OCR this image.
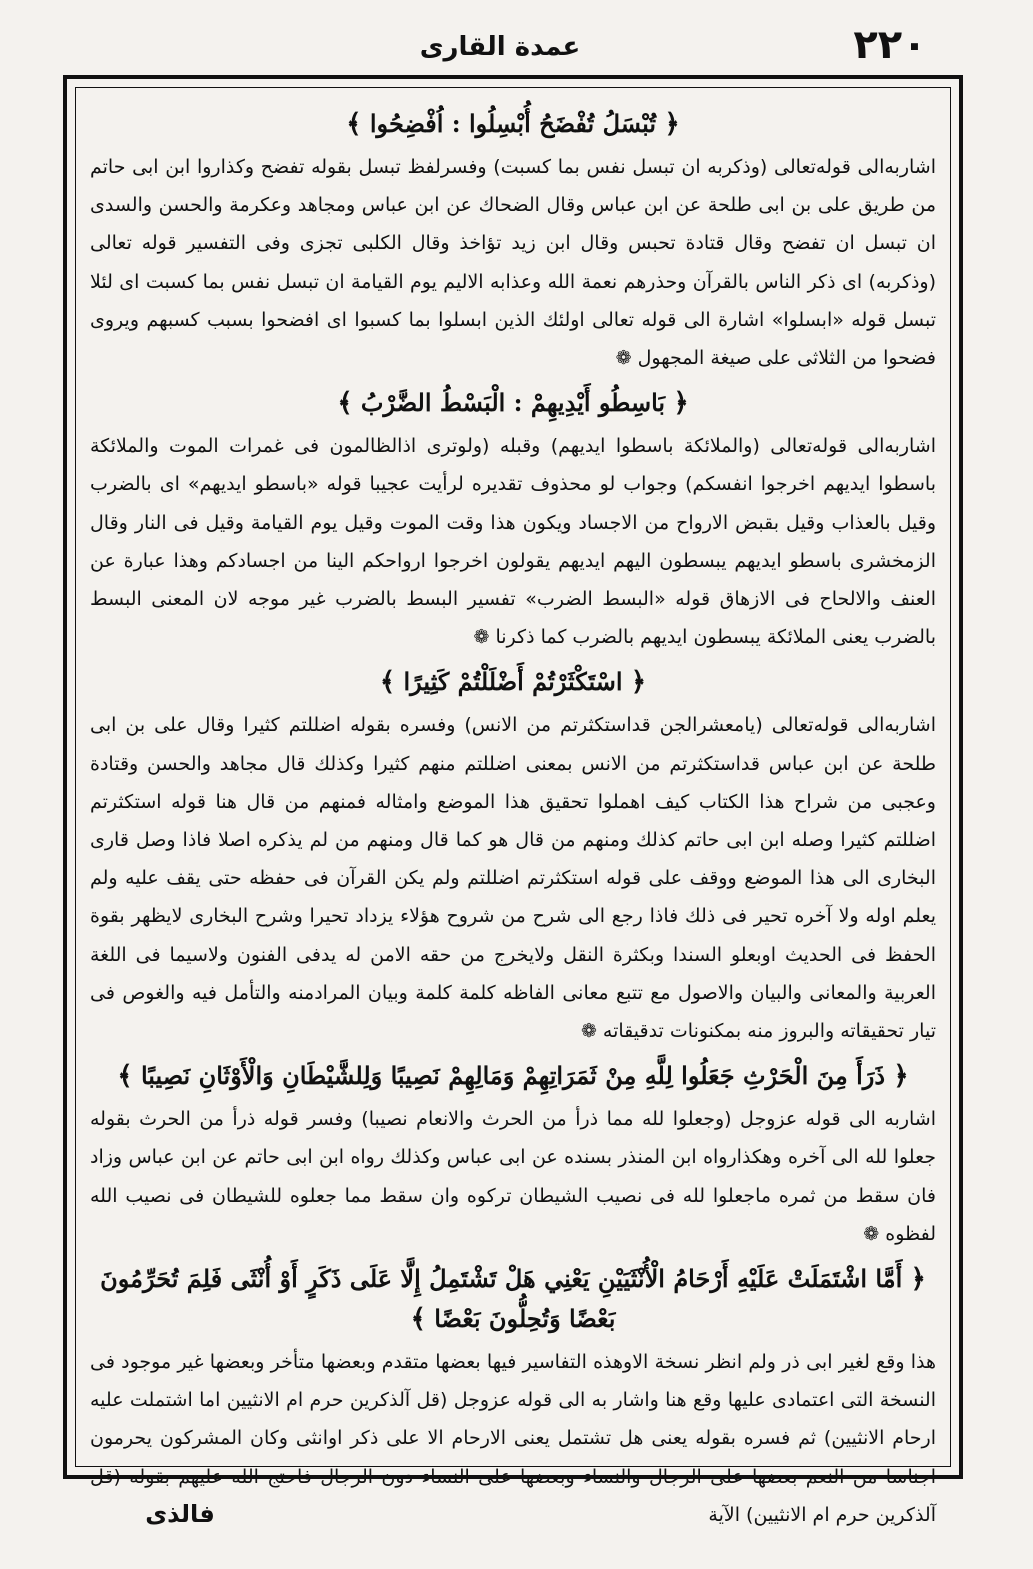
٢٢٠
عمدة القاری
﴿ تُبْسَلُ تُفْضَحُ أُبْسِلُوا : اُفْضِحُوا ﴾

اشاربه‌الی قوله‌تعالی (وذکربه ان تبسل نفس بما کسبت) وفسرلفظ تبسل بقوله تفضح وکذاروا ابن ابی حاتم من طریق علی بن ابی طلحة عن ابن عباس وقال الضحاك عن ابن عباس ومجاهد وعکرمة والحسن والسدی ان تبسل ان تفضح وقال قتادة تحبس وقال ابن زید تؤاخذ وقال الکلبی تجزی وفی التفسیر قوله تعالی (وذکربه) ای ذکر الناس بالقرآن وحذرهم نعمة الله وعذابه الالیم یوم القیامة ان تبسل نفس بما کسبت ای لئلا تبسل قوله «ابسلوا» اشارة الی قوله تعالی اولئك الذین ابسلوا بما کسبوا ای افضحوا بسبب کسبهم ویروی فضحوا من الثلاثی علی صیغة المجهول ❁

﴿ بَاسِطُو أَيْدِيهِمْ : الْبَسْطُ الضَّرْبُ ﴾

اشاربه‌الی قوله‌تعالی (والملائکة باسطوا ایدیهم) وقبله (ولوتری اذالظالمون فی غمرات الموت والملائکة باسطوا ایدیهم اخرجوا انفسکم) وجواب لو محذوف تقدیره لرأیت عجیبا قوله «باسطو ایدیهم» ای بالضرب وقیل بالعذاب وقیل بقبض الارواح من الاجساد ویکون هذا وقت الموت وقیل یوم القیامة وقیل فی النار وقال الزمخشری باسطو ایدیهم یبسطون الیهم ایدیهم یقولون اخرجوا ارواحکم الینا من اجسادکم وهذا عبارة عن العنف والالحاح فی الازهاق قوله «البسط الضرب» تفسیر البسط بالضرب غیر موجه لان المعنی البسط بالضرب یعنی الملائکة یبسطون ایدیهم بالضرب کما ذکرنا ❁

﴿ اسْتَكْثَرْتُمْ أَضْلَلْتُمْ كَثِيرًا ﴾

اشاربه‌الی قوله‌تعالی (یامعشرالجن قداستکثرتم من الانس) وفسره بقوله اضللتم کثیرا وقال علی بن ابی طلحة عن ابن عباس قداستکثرتم من الانس بمعنی اضللتم منهم کثیرا وکذلك قال مجاهد والحسن وقتادة وعجبی من شراح هذا الکتاب کیف اهملوا تحقیق هذا الموضع وامثاله فمنهم من قال هنا قوله استکثرتم اضللتم کثیرا وصله ابن ابی حاتم کذلك ومنهم من قال هو کما قال ومنهم من لم یذکره اصلا فاذا وصل قاری البخاری الی هذا الموضع ووقف علی قوله استکثرتم اضللتم ولم یکن القرآن فی حفظه حتی یقف علیه ولم یعلم اوله ولا آخره تحیر فی ذلك فاذا رجع الی شرح من شروح هؤلاء یزداد تحیرا وشرح البخاری لایظهر بقوة الحفظ فی الحدیث اوبعلو السندا وبکثرة النقل ولایخرج من حقه الامن له یدفی الفنون ولاسیما فی اللغة العربیة والمعانی والبیان والاصول مع تتبع معانی الفاظه کلمة کلمة وبیان المرادمنه والتأمل فیه والغوص فی تیار تحقیقاته والبروز منه بمکنونات تدقیقاته ❁

﴿ ذَرَأَ مِنَ الْحَرْثِ جَعَلُوا لِلَّهِ مِنْ ثَمَرَاتِهِمْ وَمَالِهِمْ نَصِيبًا وَلِلشَّيْطَانِ وَالْأَوْثَانِ نَصِيبًا ﴾

اشاربه الی قوله عزوجل (وجعلوا لله مما ذرأ من الحرث والانعام نصیبا) وفسر قوله ذرأ من الحرث بقوله جعلوا لله الی آخره وهکذارواه ابن المنذر بسنده عن ابی عباس وکذلك رواه ابن ابی حاتم عن ابن عباس وزاد فان سقط من ثمره ماجعلوا لله فی نصیب الشیطان ترکوه وان سقط مما جعلوه للشیطان فی نصیب الله لفظوه ❁

﴿ أَمَّا اشْتَمَلَتْ عَلَيْهِ أَرْحَامُ الْأُنْثَيَيْنِ يَعْنِي هَلْ تَشْتَمِلُ إِلَّا عَلَى ذَكَرٍ أَوْ أُنْثَى فَلِمَ تُحَرِّمُونَ بَعْضًا وَتُحِلُّونَ بَعْضًا ﴾

هذا وقع لغیر ابی ذر ولم انظر نسخة الاوهذه التفاسیر فیها بعضها متقدم وبعضها متأخر وبعضها غیر موجود فی النسخة التی اعتمادی علیها وقع هنا واشار به الی قوله عزوجل (قل آلذکرین حرم ام الانثیین اما اشتملت علیه ارحام الانثیین) ثم فسره بقوله یعنی هل تشتمل یعنی الارحام الا علی ذکر اوانثی وکان المشرکون یحرمون اجناسا من النعم بعضها علی الرجال والنساء وبعضها علی النساء دون الرجال فاحتج الله علیهم بقوله (قل آلذکرین حرم ام الانثیین) الآیة

فالذی
